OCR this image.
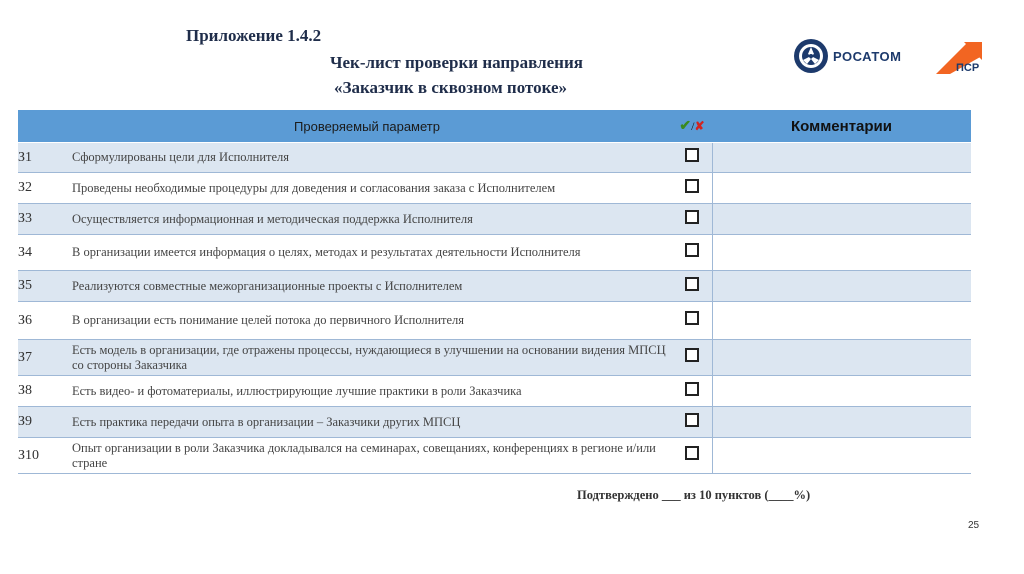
Приложение 1.4.2
Чек-лист проверки направления
«Заказчик в сквозном потоке»
РОСАТОМ
ПСР
	Проверяемый параметр	✔/✘	Комментарии
З1	Сформулированы цели для Исполнителя		
З2	Проведены необходимые процедуры для доведения и согласования заказа с Исполнителем		
З3	Осуществляется информационная и методическая поддержка Исполнителя		
З4	В организации имеется информация о целях, методах и результатах деятельности Исполнителя		
З5	Реализуются совместные межорганизационные проекты с Исполнителем		
З6	В организации есть понимание целей потока до первичного Исполнителя		
З7	Есть модель в организации, где отражены процессы, нуждающиеся в улучшении на основании видения МПСЦ со стороны Заказчика		
З8	Есть видео- и фотоматериалы, иллюстрирующие лучшие практики в роли Заказчика		
З9	Есть практика передачи опыта в организации – Заказчики других МПСЦ		
З10	Опыт организации в роли Заказчика докладывался на семинарах, совещаниях, конференциях в регионе и/или стране		
Подтверждено ___ из 10 пунктов (____%)
25
